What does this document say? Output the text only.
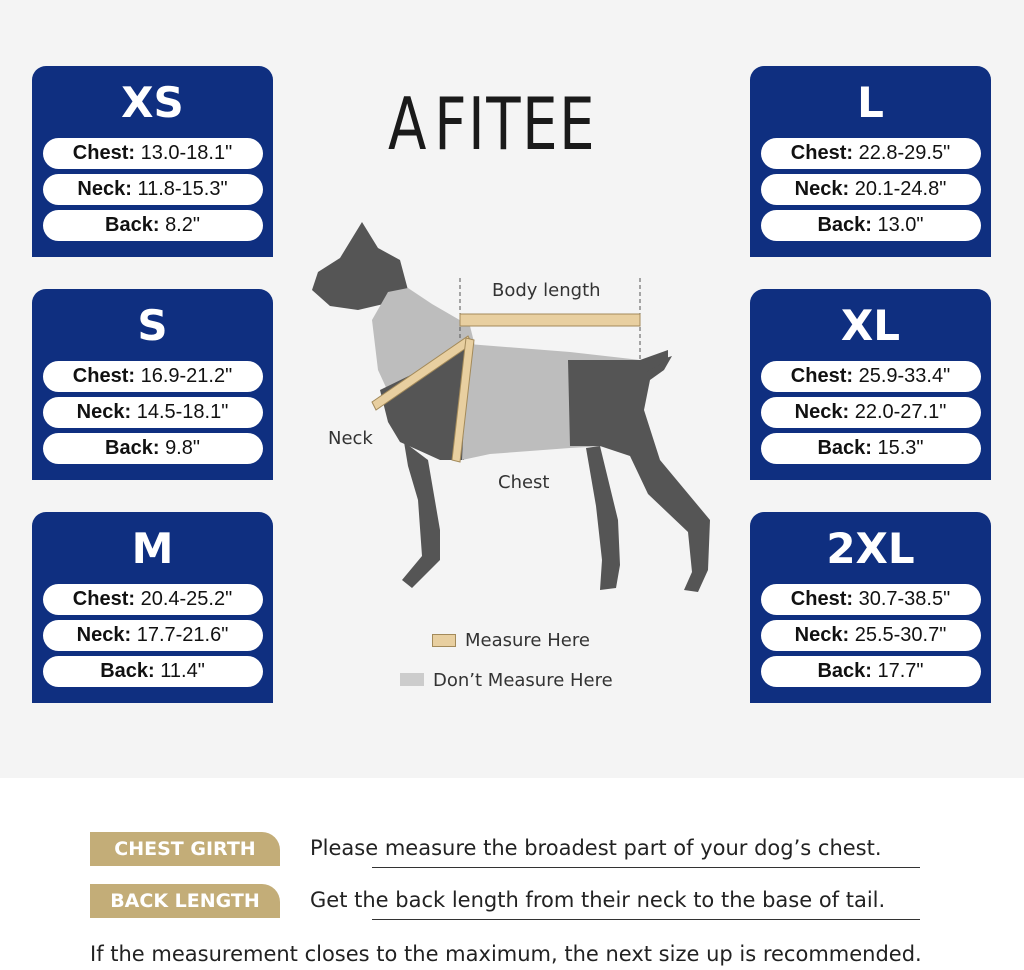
A FITEE
XS
Chest: 13.0-18.1"
Neck: 11.8-15.3"
Back: 8.2"
S
Chest: 16.9-21.2"
Neck: 14.5-18.1"
Back: 9.8"
M
Chest: 20.4-25.2"
Neck: 17.7-21.6"
Back: 11.4"
L
Chest: 22.8-29.5"
Neck: 20.1-24.8"
Back: 13.0"
XL
Chest: 25.9-33.4"
Neck: 22.0-27.1"
Back: 15.3"
2XL
Chest: 30.7-38.5"
Neck: 25.5-30.7"
Back: 17.7"
Body length
Neck
Chest
Measure Here
Don’t Measure Here
CHEST GIRTH	Please measure the broadest part of your dog’s chest.
BACK LENGTH	Get the back length from their neck to the base of tail.
If the measurement closes to the maximum, the next size up is recommended.
